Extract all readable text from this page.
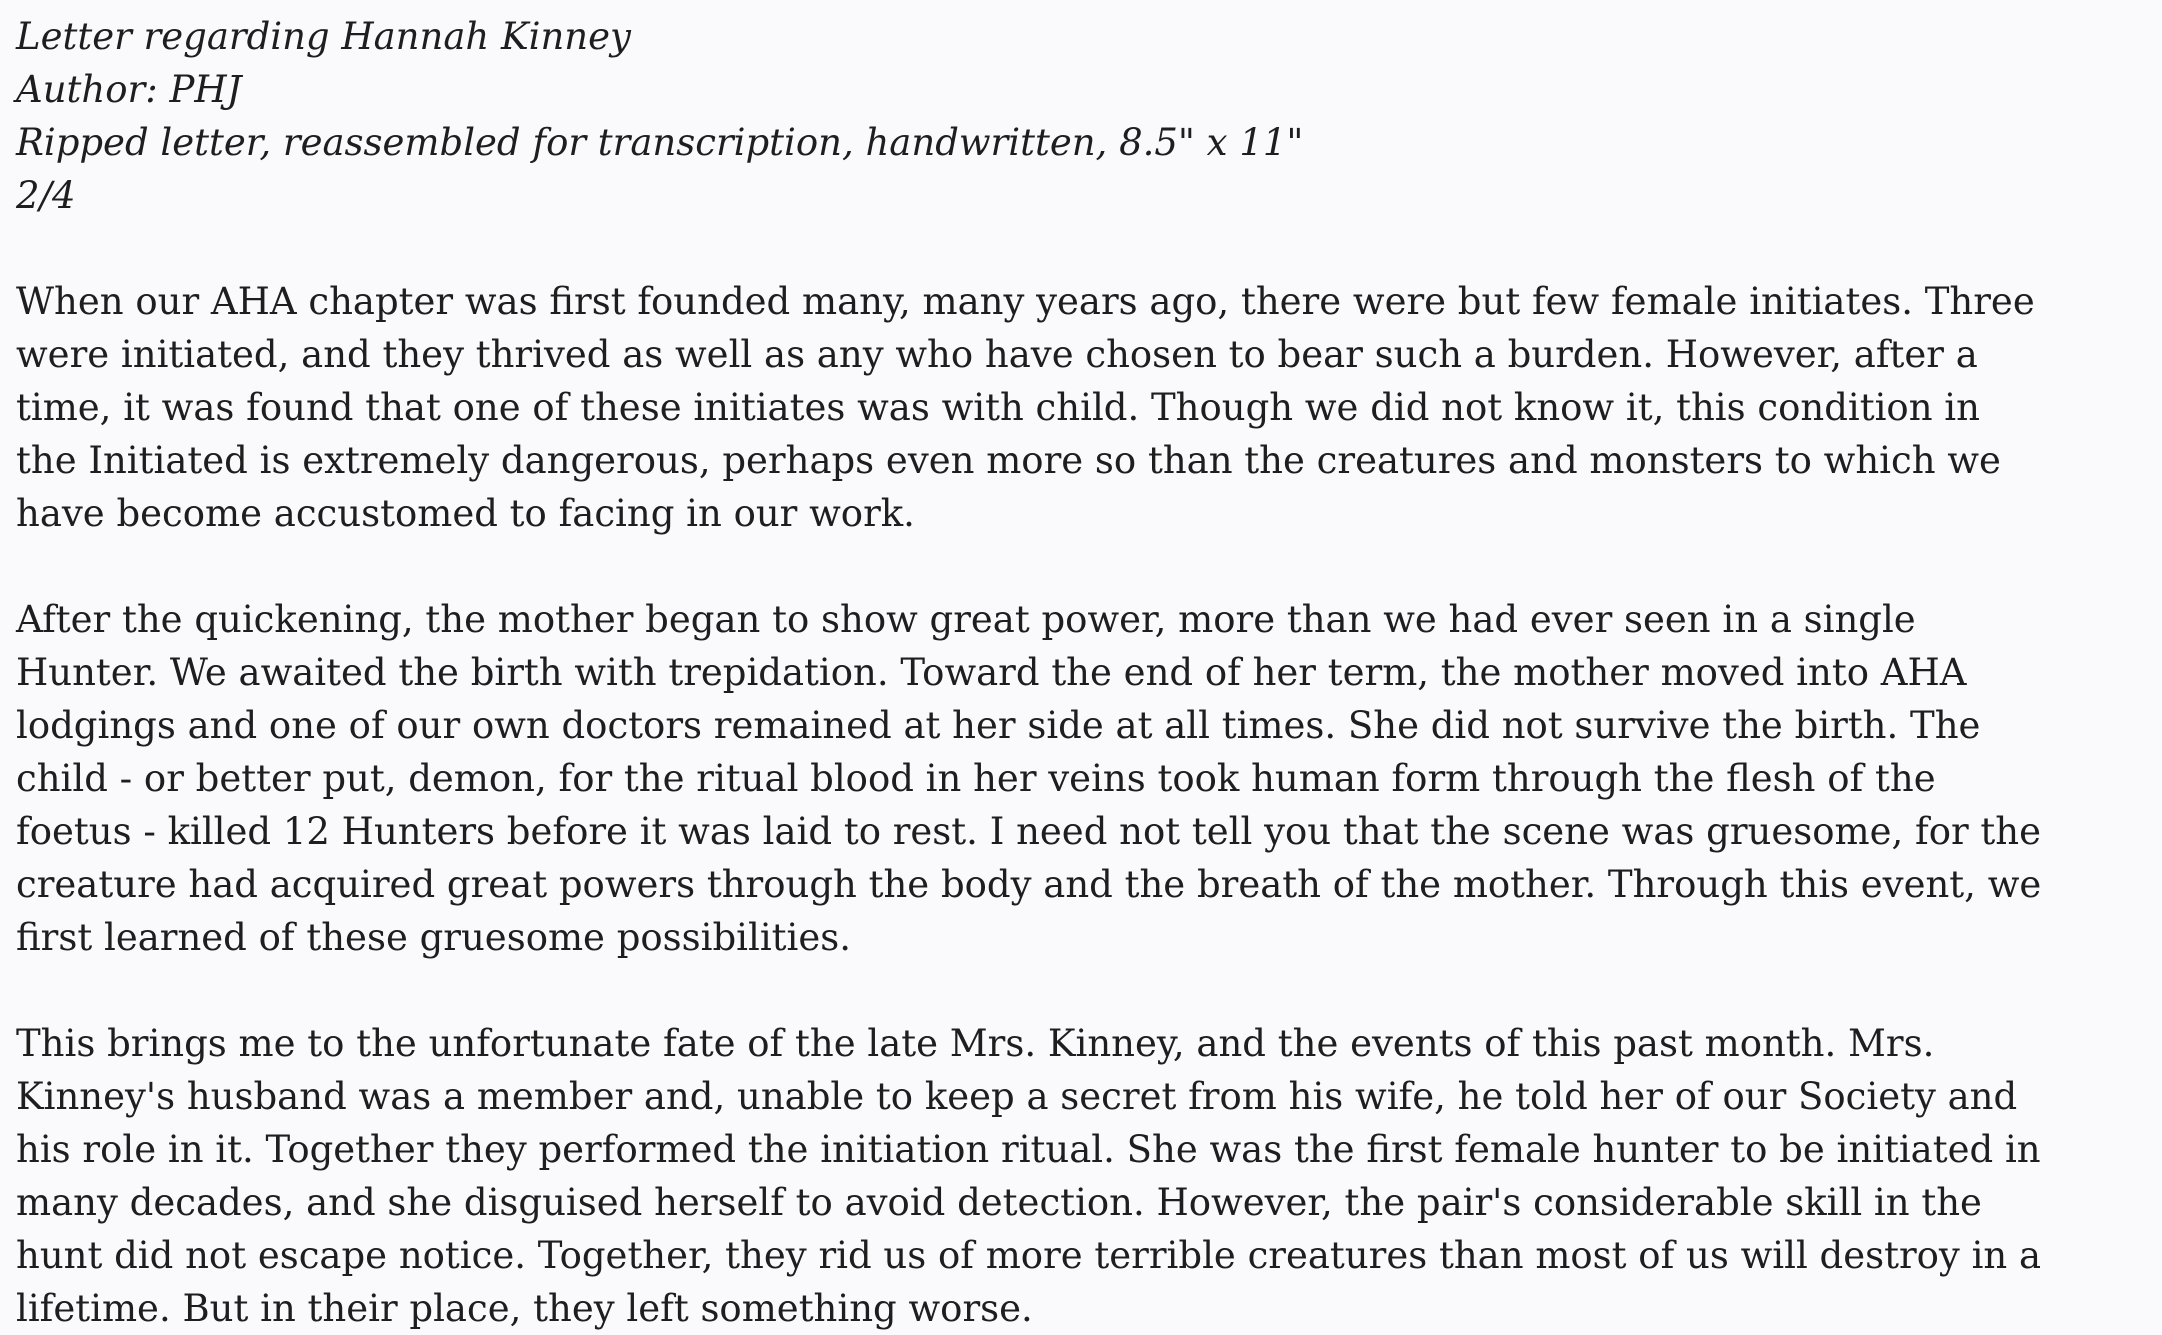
Letter regarding Hannah Kinney

Author: PHJ

Ripped letter, reassembled for transcription, handwritten, 8.5" x 11"

2/4

When our AHA chapter was first founded many, many years ago, there were but few female initiates. Three were initiated, and they thrived as well as any who have chosen to bear such a burden. However, after a time, it was found that one of these initiates was with child. Though we did not know it, this condition in the Initiated is extremely dangerous, perhaps even more so than the creatures and monsters to which we have become accustomed to facing in our work.

After the quickening, the mother began to show great power, more than we had ever seen in a single Hunter. We awaited the birth with trepidation. Toward the end of her term, the mother moved into AHA lodgings and one of our own doctors remained at her side at all times. She did not survive the birth. The child - or better put, demon, for the ritual blood in her veins took human form through the flesh of the foetus - killed 12 Hunters before it was laid to rest. I need not tell you that the scene was gruesome, for the creature had acquired great powers through the body and the breath of the mother. Through this event, we first learned of these gruesome possibilities.

This brings me to the unfortunate fate of the late Mrs. Kinney, and the events of this past month. Mrs. Kinney's husband was a member and, unable to keep a secret from his wife, he told her of our Society and his role in it. Together they performed the initiation ritual. She was the first female hunter to be initiated in many decades, and she disguised herself to avoid detection. However, the pair's considerable skill in the hunt did not escape notice. Together, they rid us of more terrible creatures than most of us will destroy in a lifetime. But in their place, they left something worse.
